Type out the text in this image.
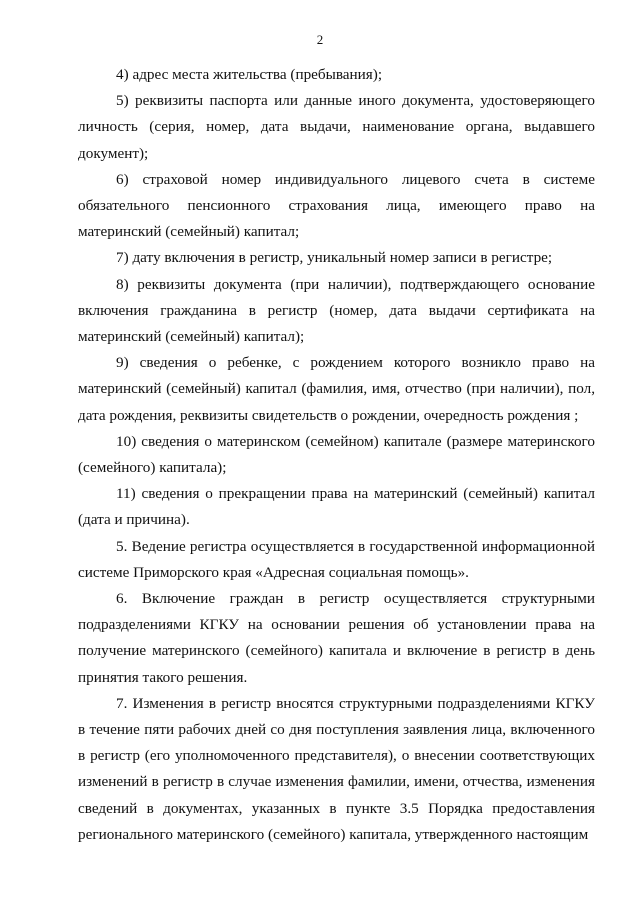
2

4) адрес места жительства (пребывания);

5) реквизиты паспорта или данные иного документа, удостоверяющего личность (серия, номер, дата выдачи, наименование органа, выдавшего документ);

6) страховой номер индивидуального лицевого счета в системе обязательного пенсионного страхования лица, имеющего право на материнский (семейный) капитал;

7) дату включения в регистр, уникальный номер записи в регистре;

8) реквизиты документа (при наличии), подтверждающего основание включения гражданина в регистр (номер, дата выдачи сертификата на материнский (семейный) капитал);

9) сведения о ребенке, с рождением которого возникло право на материнский (семейный) капитал (фамилия, имя, отчество (при наличии), пол, дата рождения, реквизиты свидетельств о рождении, очередность рождения ;

10) сведения о материнском (семейном) капитале (размере материнского (семейного) капитала);

11) сведения о прекращении права на материнский (семейный) капитал (дата и причина).

5. Ведение регистра осуществляется в государственной информационной системе Приморского края «Адресная социальная помощь».

6. Включение граждан в регистр осуществляется структурными подразделениями КГКУ на основании решения об установлении права на получение материнского (семейного) капитала и включение в регистр в день принятия такого решения.

7. Изменения в регистр вносятся структурными подразделениями КГКУ в течение пяти рабочих дней со дня поступления заявления лица, включенного в регистр (его уполномоченного представителя), о внесении соответствующих изменений в регистр в случае изменения фамилии, имени, отчества, изменения сведений в документах, указанных в пункте 3.5 Порядка предоставления регионального материнского (семейного) капитала, утвержденного настоящим
